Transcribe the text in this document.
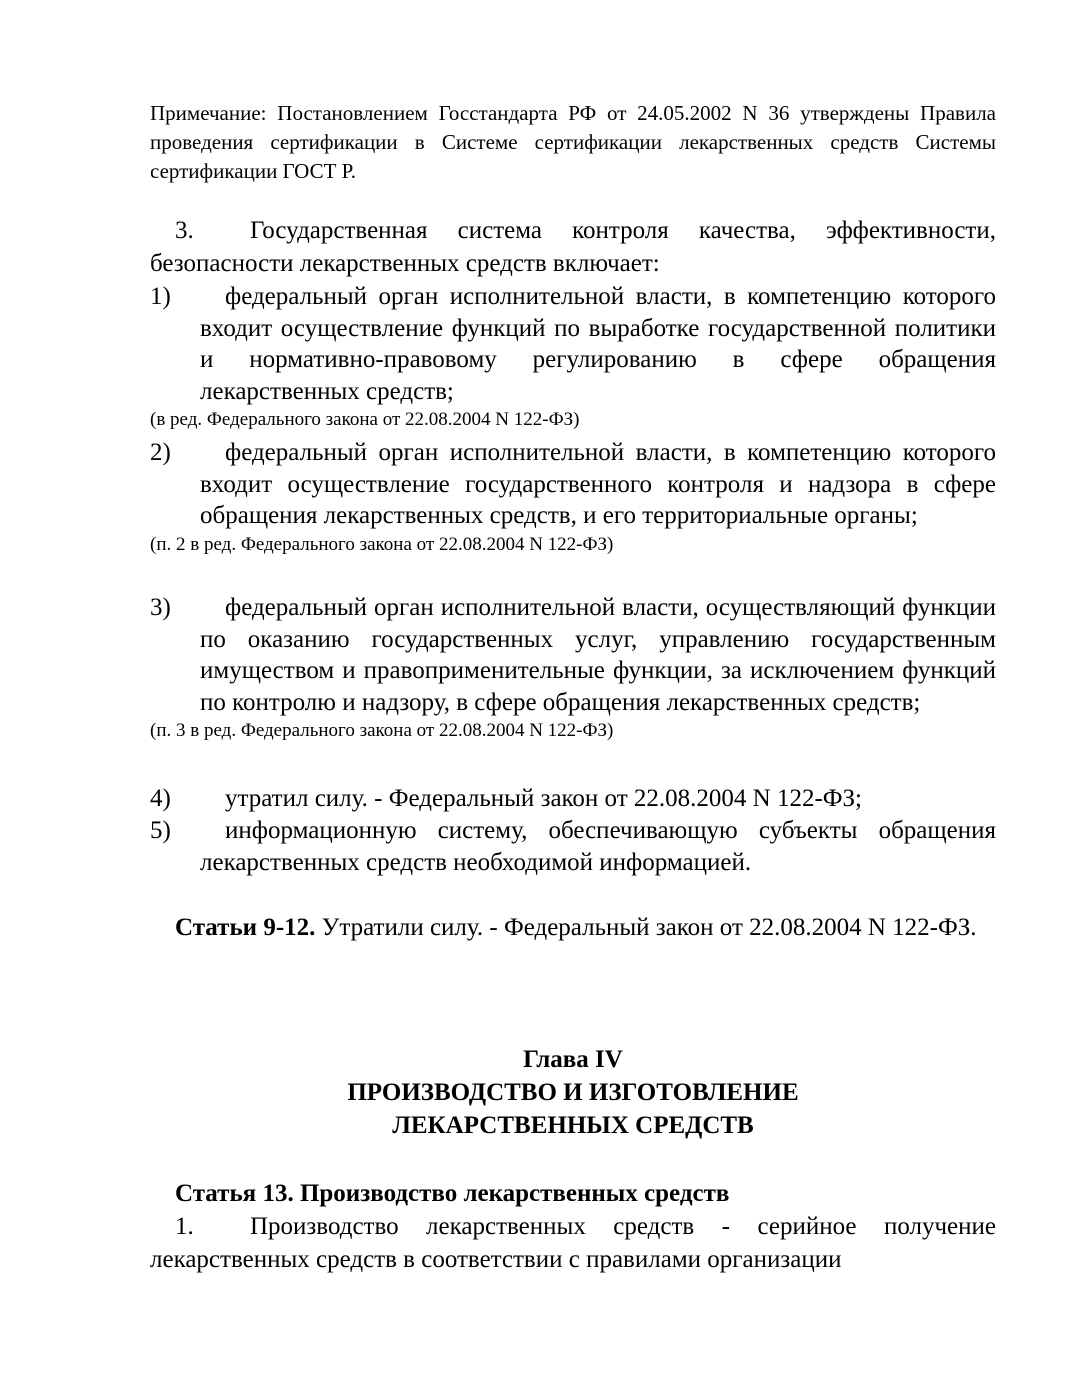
Примечание: Постановлением Госстандарта РФ от 24.05.2002 N 36 утверждены Правила проведения сертификации в Системе сертификации лекарственных средств Системы сертификации ГОСТ Р.
3. Государственная система контроля качества, эффективности, безопасности лекарственных средств включает:
1)	федеральный орган исполнительной власти, в компетенцию которого входит осуществление функций по выработке государственной политики и нормативно-правовому регулированию в сфере обращения лекарственных средств;
(в ред. Федерального закона от 22.08.2004 N 122-ФЗ)
2)	федеральный орган исполнительной власти, в компетенцию которого входит осуществление государственного контроля и надзора в сфере обращения лекарственных средств, и его территориальные органы;
(п. 2 в ред. Федерального закона от 22.08.2004 N 122-ФЗ)
3)	федеральный орган исполнительной власти, осуществляющий функции по оказанию государственных услуг, управлению государственным имуществом и правоприменительные функции, за исключением функций по контролю и надзору, в сфере обращения лекарственных средств;
(п. 3 в ред. Федерального закона от 22.08.2004 N 122-ФЗ)
4)	утратил силу. - Федеральный закон от 22.08.2004 N 122-ФЗ;
5)	информационную систему, обеспечивающую субъекты обращения лекарственных средств необходимой информацией.
Статьи 9-12. Утратили силу. - Федеральный закон от 22.08.2004 N 122-ФЗ.
Глава IV
ПРОИЗВОДСТВО И ИЗГОТОВЛЕНИЕ
ЛЕКАРСТВЕННЫХ СРЕДСТВ
Статья 13. Производство лекарственных средств
1. Производство лекарственных средств - серийное получение лекарственных средств в соответствии с правилами организации
